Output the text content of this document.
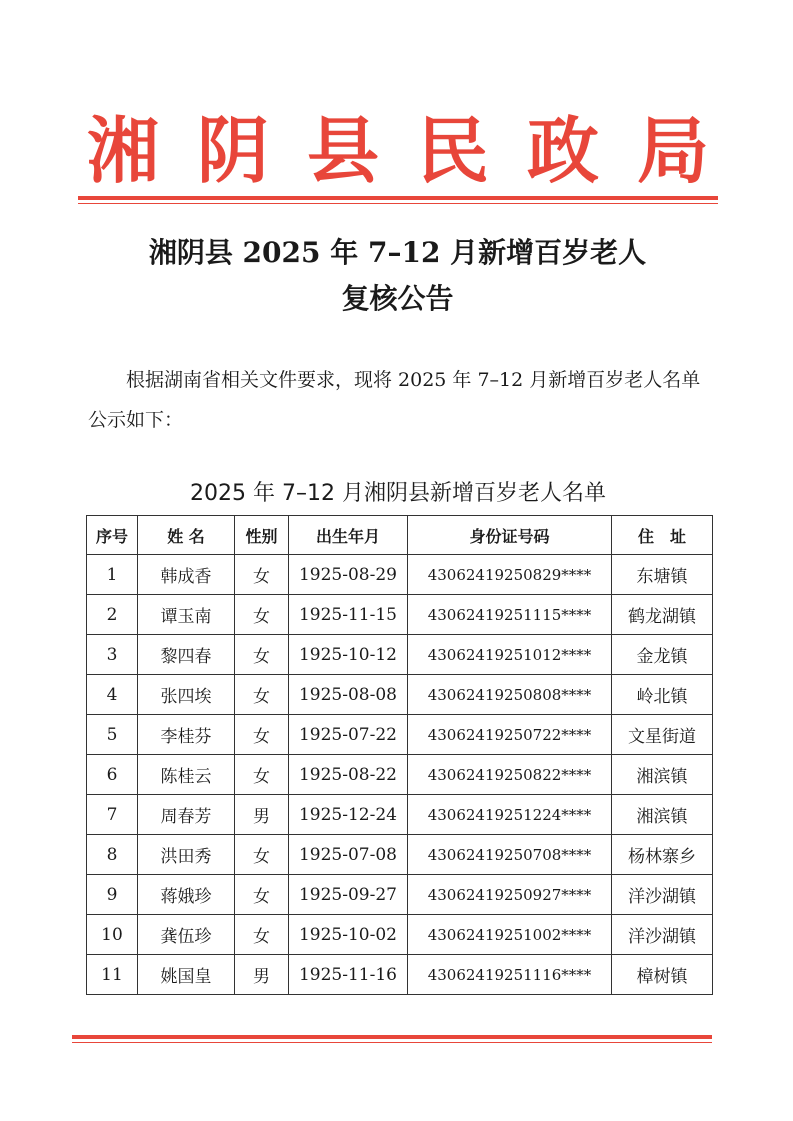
湘 阴 县 民 政 局
湘阴县 2025 年 7–12 月新增百岁老人
复核公告
根据湖南省相关文件要求，现将 2025 年 7–12 月新增百岁老人名单公示如下：
2025 年 7–12 月湘阴县新增百岁老人名单
序号	姓 名	性别	出生年月	身份证号码	住　址
1	韩成香	女	1925-08-29	43062419250829****	东塘镇
2	谭玉南	女	1925-11-15	43062419251115****	鹤龙湖镇
3	黎四春	女	1925-10-12	43062419251012****	金龙镇
4	张四埃	女	1925-08-08	43062419250808****	岭北镇
5	李桂芬	女	1925-07-22	43062419250722****	文星街道
6	陈桂云	女	1925-08-22	43062419250822****	湘滨镇
7	周春芳	男	1925-12-24	43062419251224****	湘滨镇
8	洪田秀	女	1925-07-08	43062419250708****	杨林寨乡
9	蒋娥珍	女	1925-09-27	43062419250927****	洋沙湖镇
10	龚伍珍	女	1925-10-02	43062419251002****	洋沙湖镇
11	姚国皇	男	1925-11-16	43062419251116****	樟树镇
